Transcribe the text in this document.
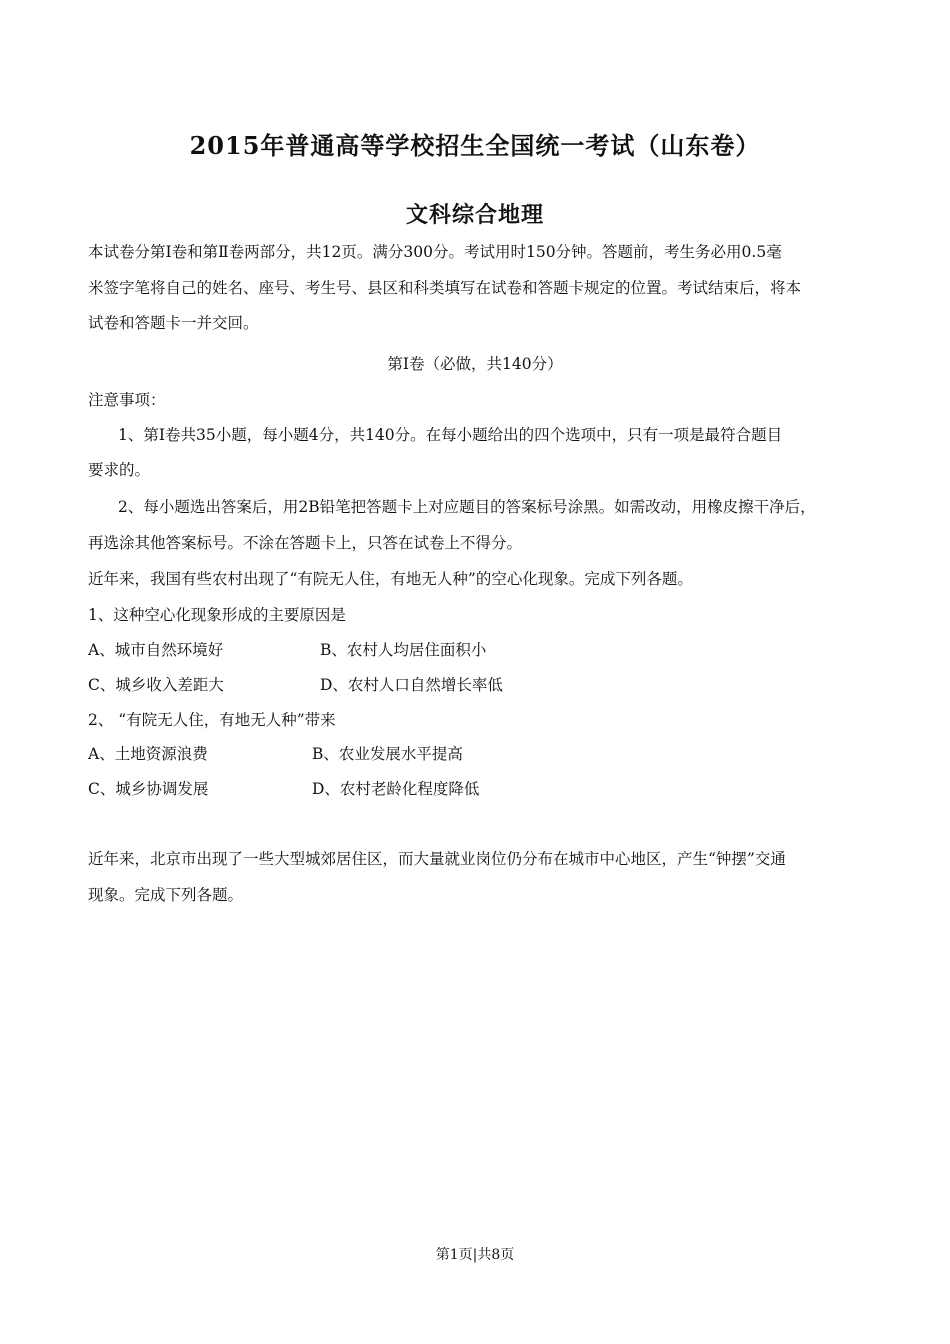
2015年普通高等学校招生全国统一考试（山东卷）
文科综合地理
本试卷分第Ⅰ卷和第Ⅱ卷两部分，共12页。满分300分。考试用时150分钟。答题前，考生务必用0.5毫
米签字笔将自己的姓名、座号、考生号、县区和科类填写在试卷和答题卡规定的位置。考试结束后，将本
试卷和答题卡一并交回。
第Ⅰ卷（必做，共140分）
注意事项：
1、第Ⅰ卷共35小题，每小题4分，共140分。在每小题给出的四个选项中，只有一项是最符合题目
要求的。
2、每小题选出答案后，用2B铅笔把答题卡上对应题目的答案标号涂黑。如需改动，用橡皮擦干净后，
再选涂其他答案标号。不涂在答题卡上，只答在试卷上不得分。
近年来，我国有些农村出现了“有院无人住，有地无人种”的空心化现象。完成下列各题。
1、这种空心化现象形成的主要原因是
A、城市自然环境好	B、农村人均居住面积小
C、城乡收入差距大	D、农村人口自然增长率低
2、 “有院无人住，有地无人种”带来
A、土地资源浪费	B、农业发展水平提高
C、城乡协调发展	D、农村老龄化程度降低
近年来，北京市出现了一些大型城郊居住区，而大量就业岗位仍分布在城市中心地区，产生“钟摆”交通
现象。完成下列各题。
第1页|共8页
